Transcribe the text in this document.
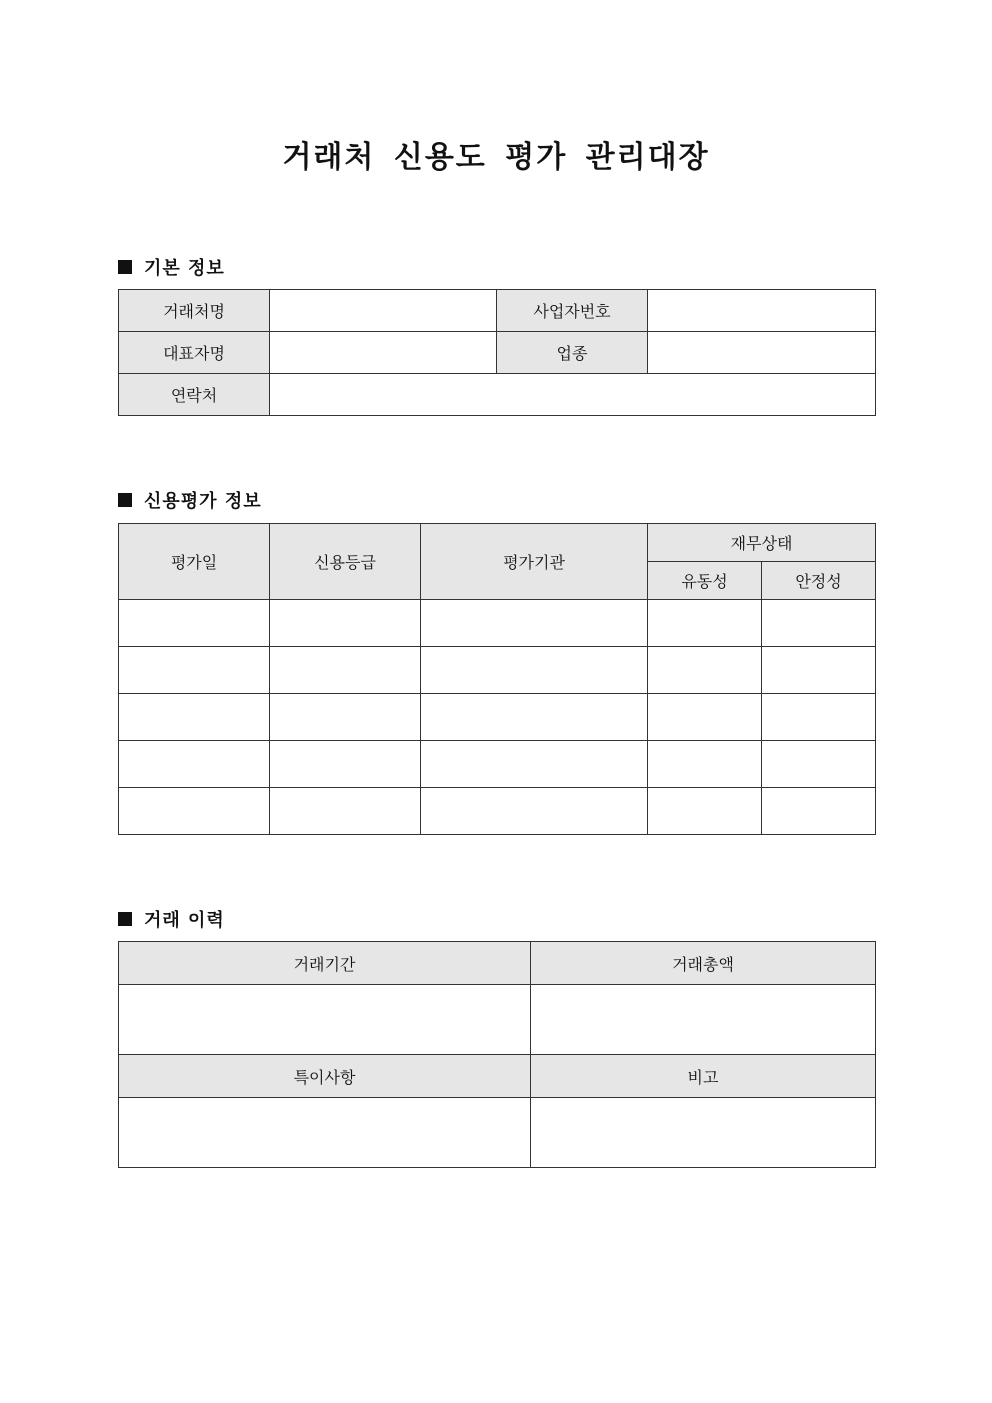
거래처 신용도 평가 관리대장
기본 정보
거래처명		사업자번호	
대표자명		업종	
연락처			
신용평가 정보
평가일	신용등급	평가기관	재무상태	
			유동성	안정성

거래 이력
거래기간	거래총액

특이사항	비고
